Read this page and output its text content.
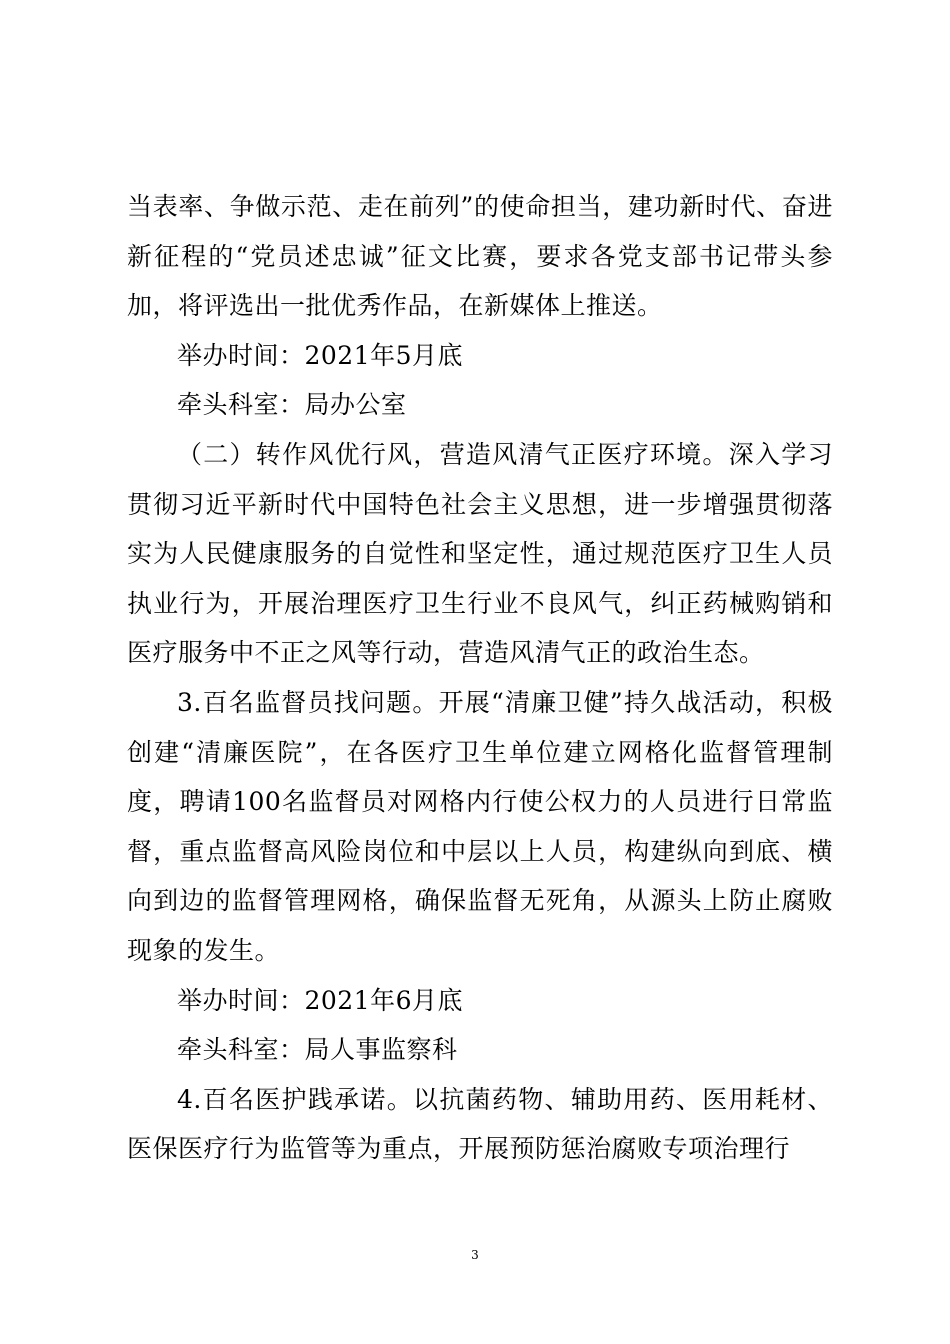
当表率、争做示范、走在前列”的使命担当，建功新时代、奋进新征程的“党员述忠诚”征文比赛，要求各党支部书记带头参加，将评选出一批优秀作品，在新媒体上推送。

举办时间：2021年5月底

牵头科室：局办公室

（二）转作风优行风，营造风清气正医疗环境。深入学习贯彻习近平新时代中国特色社会主义思想，进一步增强贯彻落实为人民健康服务的自觉性和坚定性，通过规范医疗卫生人员执业行为，开展治理医疗卫生行业不良风气，纠正药械购销和医疗服务中不正之风等行动，营造风清气正的政治生态。

3.百名监督员找问题。开展“清廉卫健”持久战活动，积极创建“清廉医院”，在各医疗卫生单位建立网格化监督管理制度，聘请100名监督员对网格内行使公权力的人员进行日常监督，重点监督高风险岗位和中层以上人员，构建纵向到底、横向到边的监督管理网格，确保监督无死角，从源头上防止腐败现象的发生。

举办时间：2021年6月底

牵头科室：局人事监察科

4.百名医护践承诺。以抗菌药物、辅助用药、医用耗材、医保医疗行为监管等为重点，开展预防惩治腐败专项治理行

3
